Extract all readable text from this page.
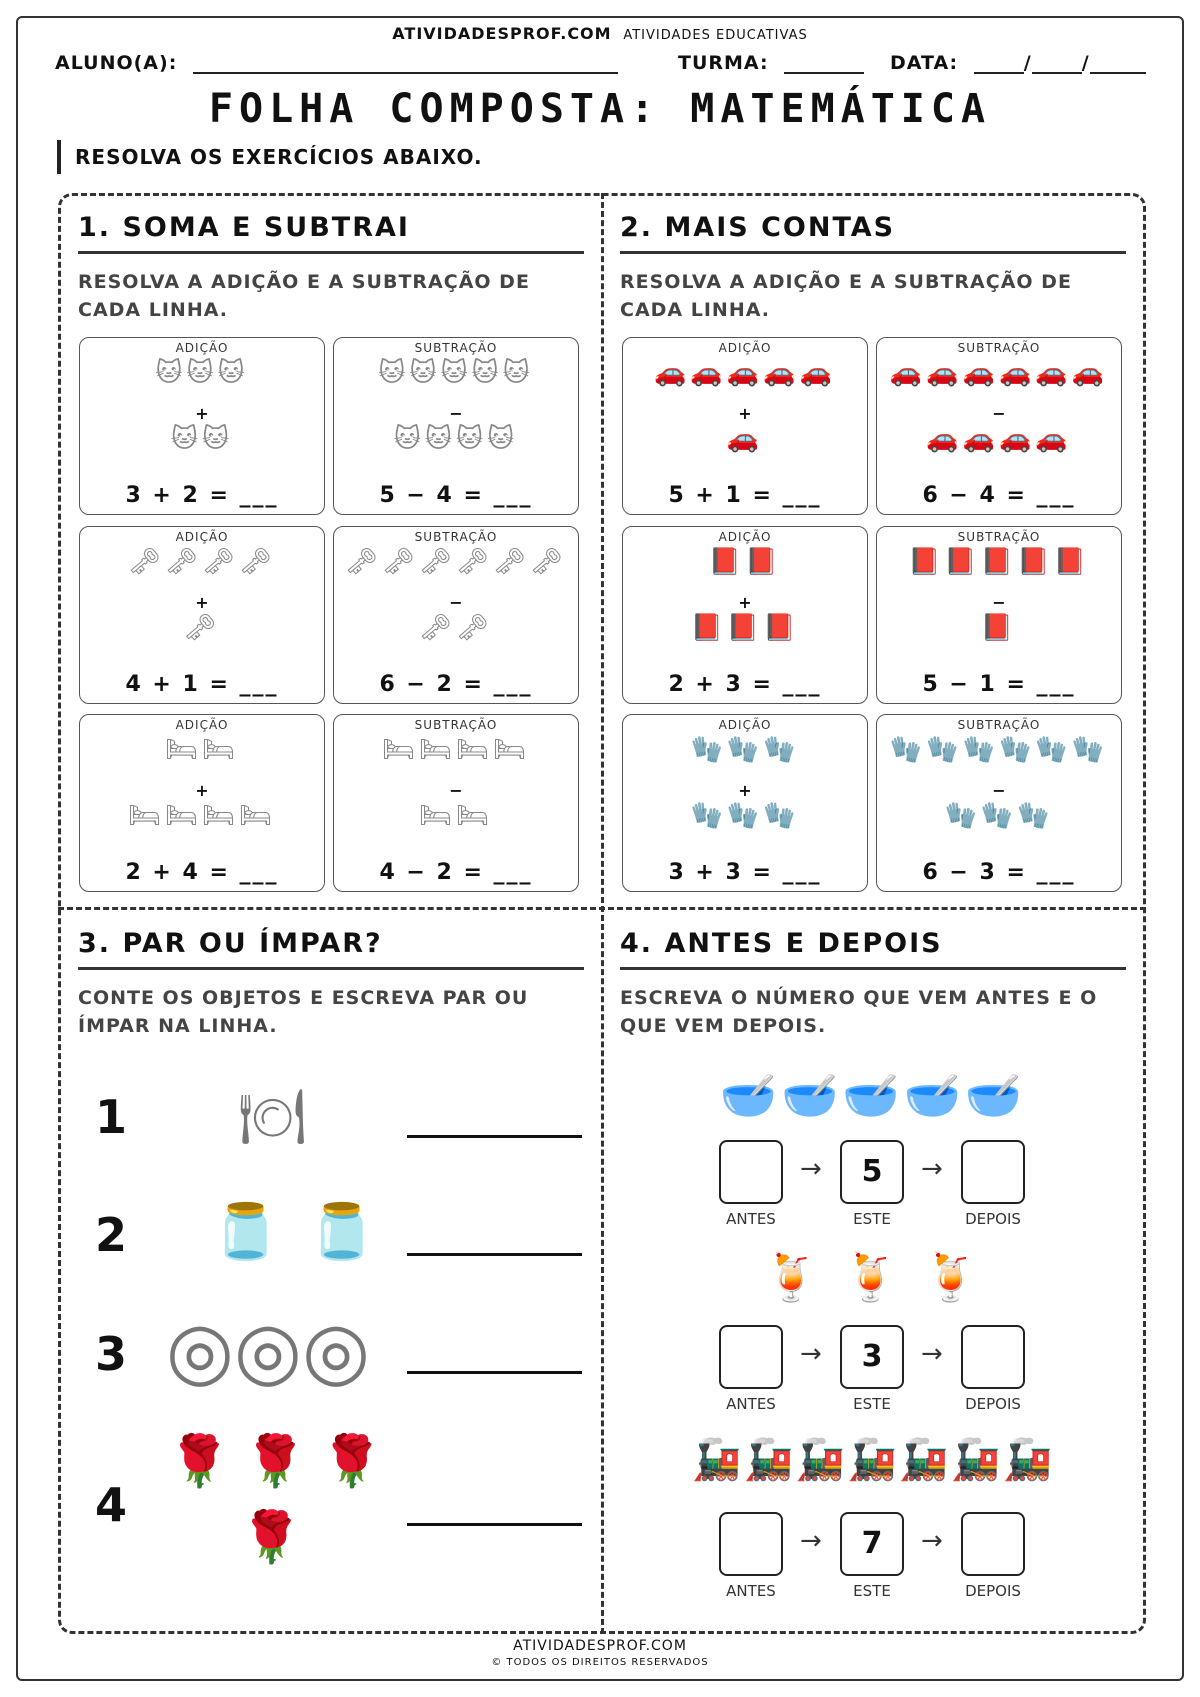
ATIVIDADESPROF.COM ATIVIDADES EDUCATIVAS
ALUNO(A):	TURMA:	DATA:	/	/
FOLHA COMPOSTA: MATEMÁTICA
RESOLVA OS EXERCÍCIOS ABAIXO.
1. SOMA E SUBTRAI

RESOLVA A ADIÇÃO E A SUBTRAÇÃO DE CADA LINHA.

ADIÇÃO
🐱🐱🐱
+
🐱🐱
3 + 2 = ___
SUBTRAÇÃO
🐱🐱🐱🐱🐱
−
🐱🐱🐱🐱
5 − 4 = ___
ADIÇÃO
🗝🗝🗝🗝
+
🗝
4 + 1 = ___
SUBTRAÇÃO
🗝🗝🗝🗝🗝🗝
−
🗝🗝
6 − 2 = ___
ADIÇÃO
🛏🛏
+
🛏🛏🛏🛏
2 + 4 = ___
SUBTRAÇÃO
🛏🛏🛏🛏
−
🛏🛏
4 − 2 = ___
2. MAIS CONTAS

RESOLVA A ADIÇÃO E A SUBTRAÇÃO DE CADA LINHA.

ADIÇÃO
🚗🚗🚗🚗🚗
+
🚗
5 + 1 = ___
SUBTRAÇÃO
🚗🚗🚗🚗🚗🚗
−
🚗🚗🚗🚗
6 − 4 = ___
ADIÇÃO
📕📕
+
📕📕📕
2 + 3 = ___
SUBTRAÇÃO
📕📕📕📕📕
−
📕
5 − 1 = ___
ADIÇÃO
🧤🧤🧤
+
🧤🧤🧤
3 + 3 = ___
SUBTRAÇÃO
🧤🧤🧤🧤🧤🧤
−
🧤🧤🧤
6 − 3 = ___
3. PAR OU ÍMPAR?

CONTE OS OBJETOS E ESCREVA PAR OU ÍMPAR NA LINHA.

1 🍽
2 🫙 🫙
3 ◎◎◎
4
🌹🌹🌹
🌹
4. ANTES E DEPOIS

ESCREVA O NÚMERO QUE VEM ANTES E O QUE VEM DEPOIS.

🥣🥣🥣🥣🥣
→	5	→
ANTES	ESTE	DEPOIS
🍹 🍹 🍹
→	3	→
ANTES	ESTE	DEPOIS
🚂🚂🚂🚂🚂🚂🚂
→	7	→
ANTES	ESTE	DEPOIS
ATIVIDADESPROF.COM
© TODOS OS DIREITOS RESERVADOS
